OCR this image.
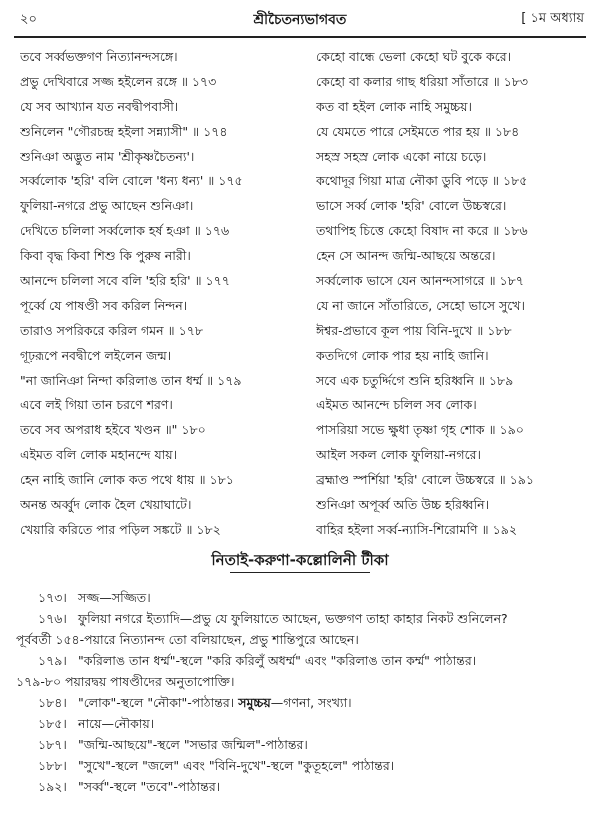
২০	শ্রীচৈতন্যভাগবত	[ ১ম অধ্যায়
তবে সর্ব্বভক্তগণ নিত্যানন্দসঙ্গে।
প্রভু দেখিবারে সজ্জ হইলেন রঙ্গে ॥ ১৭৩
যে সব আখ্যান যত নবদ্বীপবাসী।
শুনিলেন "গৌরচন্দ্র হইলা সন্ন্যাসী" ॥ ১৭৪
শুনিঞা অদ্ভুত নাম 'শ্রীকৃষ্ণচৈতন্য'।
সর্ব্বলোক 'হরি' বলি বোলে 'ধন্য ধন্য' ॥ ১৭৫
ফুলিয়া-নগরে প্রভু আছেন শুনিঞা।
দেখিতে চলিলা সর্ব্বলোক হর্ষ হঞা ॥ ১৭৬
কিবা বৃদ্ধ কিবা শিশু কি পুরুষ নারী।
আনন্দে চলিলা সবে বলি 'হরি হরি' ॥ ১৭৭
পূর্ব্বে যে পাষণ্ডী সব করিল নিন্দন।
তারাও সপরিকরে করিল গমন ॥ ১৭৮
গূঢ়রূপে নবদ্বীপে লইলেন জন্ম।
"না জানিঞা নিন্দা করিলাঙ তান ধর্ম্ম ॥ ১৭৯
এবে লই গিয়া তান চরণে শরণ।
তবে সব অপরাধ হইবে খণ্ডন ॥" ১৮০
এইমত বলি লোক মহানন্দে যায়।
হেন নাহি জানি লোক কত পথে ধায় ॥ ১৮১
অনন্ত অর্ব্বুদ লোক হৈল খেয়াঘাটে।
খেয়ারি করিতে পার পড়িল সঙ্কটে ॥ ১৮২
কেহো বান্ধে ভেলা কেহো ঘট বুকে করে।
কেহো বা কলার গাছ ধরিয়া সাঁতারে ॥ ১৮৩
কত বা হইল লোক নাহি সমুচ্চয়।
যে যেমতে পারে সেইমতে পার হয় ॥ ১৮৪
সহস্র সহস্র লোক একো নায়ে চড়ে।
কথোদূর গিয়া মাত্র নৌকা ডুবি পড়ে ॥ ১৮৫
ভাসে সর্ব্ব লোক 'হরি' বোলে উচ্চস্বরে।
তথাপিহ চিত্তে কেহো বিষাদ না করে ॥ ১৮৬
হেন সে আনন্দ জন্মি-আছয়ে অন্তরে।
সর্ব্বলোক ভাসে যেন আনন্দসাগরে ॥ ১৮৭
যে না জানে সাঁতারিতে, সেহো ভাসে সুখে।
ঈশ্বর-প্রভাবে কূল পায় বিনি-দুখে ॥ ১৮৮
কতদিগে লোক পার হয় নাহি জানি।
সবে এক চতুর্দ্দিগে শুনি হরিধ্বনি ॥ ১৮৯
এইমত আনন্দে চলিল সব লোক।
পাসরিয়া সভে ক্ষুধা তৃষ্ণা গৃহ শোক ॥ ১৯০
আইল সকল লোক ফুলিয়া-নগরে।
ব্রহ্মাণ্ড স্পর্শিয়া 'হরি' বোলে উচ্চস্বরে ॥ ১৯১
শুনিঞা অপূর্ব্ব অতি উচ্চ হরিধ্বনি।
বাহির হইলা সর্ব্ব-ন্যাসি-শিরোমণি ॥ ১৯২
নিতাই-করুণা-কল্লোলিনী টীকা
১৭৩। সজ্জ—সজ্জিত।
১৭৬। ফুলিয়া নগরে ইত্যাদি—প্রভু যে ফুলিয়াতে আছেন, ভক্তগণ তাহা কাহার নিকট শুনিলেন?
পূর্ববর্তী ১৫৪-পয়ারে নিত্যানন্দ তো বলিয়াছেন, প্রভু শান্তিপুরে আছেন।
১৭৯। "করিলাঙ তান ধর্ম্ম"-স্থলে "করি করিলুঁ অধর্ম্ম" এবং "করিলাঙ তান কর্ম্ম" পাঠান্তর।
১৭৯-৮০ পয়ারদ্বয় পাষণ্ডীদের অনুতাপোক্তি।
১৮৪। "লোক"-স্থলে "নৌকা"-পাঠান্তর। সমুচ্চয়—গণনা, সংখ্যা।
১৮৫। নায়ে—নৌকায়।
১৮৭। "জন্মি-আছয়ে"-স্থলে "সভার জন্মিল"-পাঠান্তর।
১৮৮। "সুখে"-স্থলে "জলে" এবং "বিনি-দুখে"-স্থলে "কুতূহলে" পাঠান্তর।
১৯২। "সর্ব্ব"-স্থলে "তবে"-পাঠান্তর।
